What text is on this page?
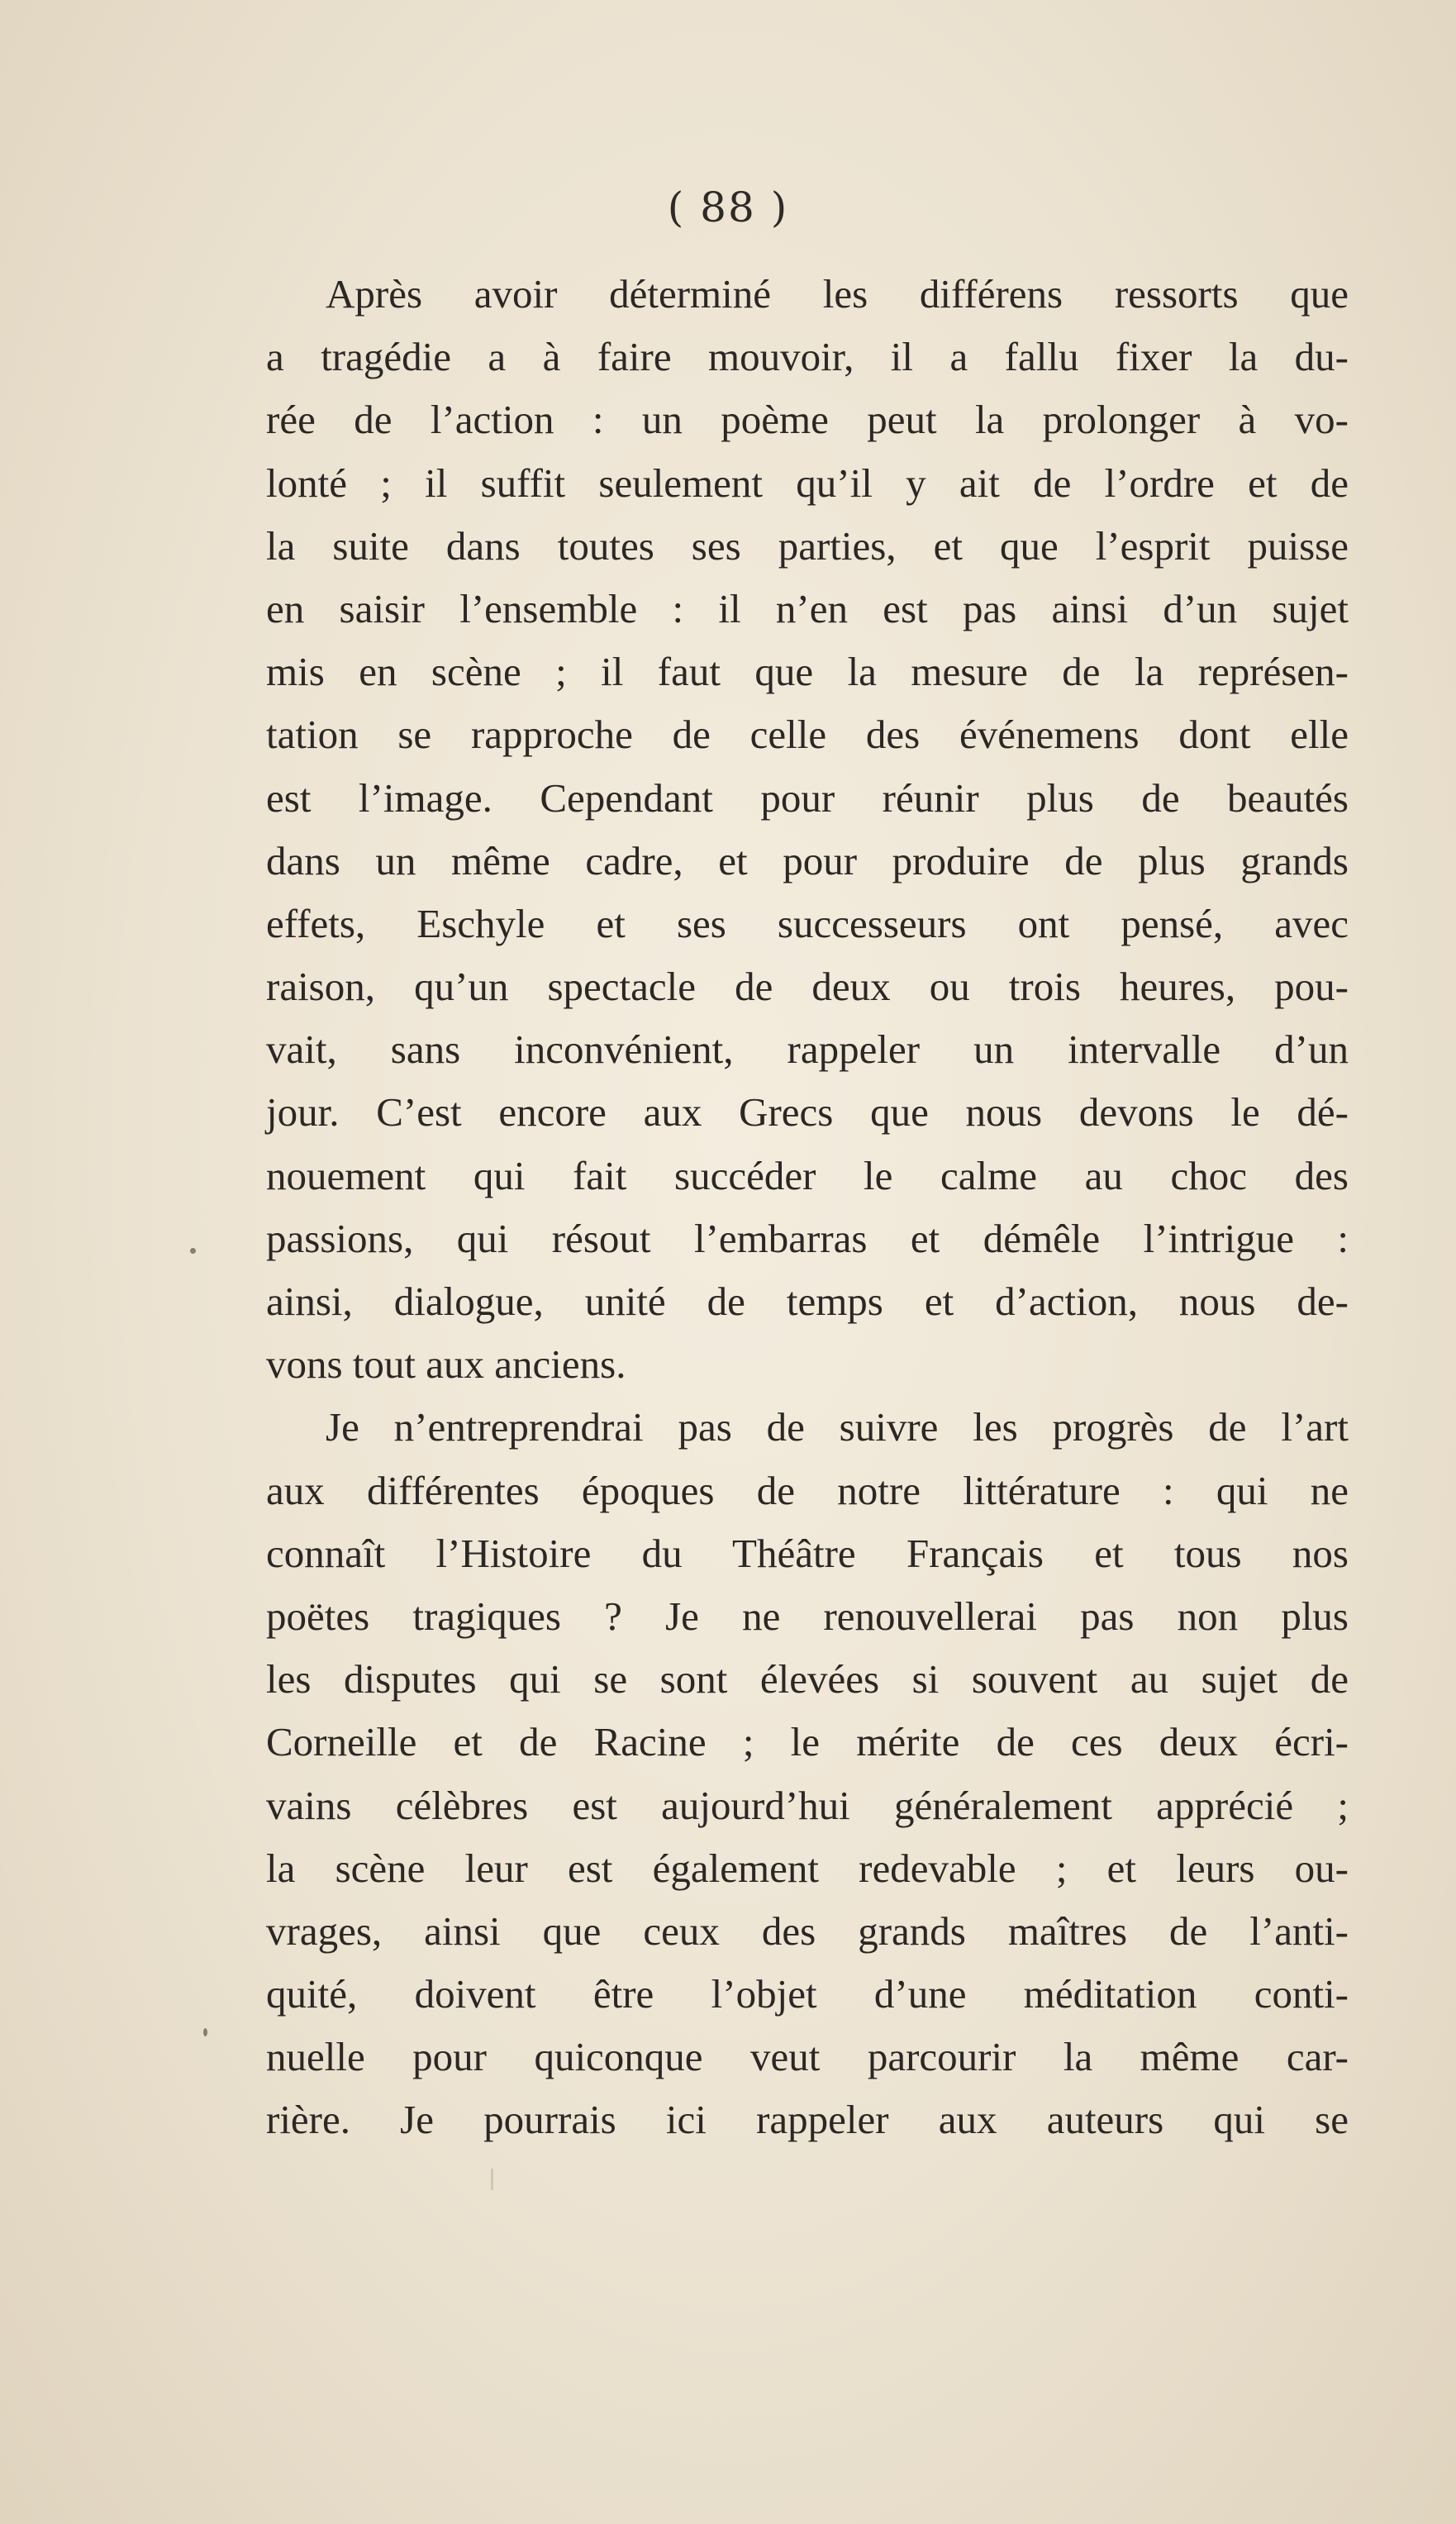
( 88 )
Après avoir déterminé les différens ressorts que
a tragédie a à faire mouvoir, il a fallu fixer la du-
rée de l’action : un poème peut la prolonger à vo-
lonté ; il suffit seulement qu’il y ait de l’ordre et de
la suite dans toutes ses parties, et que l’esprit puisse
en saisir l’ensemble : il n’en est pas ainsi d’un sujet
mis en scène ; il faut que la mesure de la représen-
tation se rapproche de celle des événemens dont elle
est l’image. Cependant pour réunir plus de beautés
dans un même cadre, et pour produire de plus grands
effets, Eschyle et ses successeurs ont pensé, avec
raison, qu’un spectacle de deux ou trois heures, pou-
vait, sans inconvénient, rappeler un intervalle d’un
jour. C’est encore aux Grecs que nous devons le dé-
nouement qui fait succéder le calme au choc des
passions, qui résout l’embarras et démêle l’intrigue :
ainsi, dialogue, unité de temps et d’action, nous de-
vons tout aux anciens.
Je n’entreprendrai pas de suivre les progrès de l’art
aux différentes époques de notre littérature : qui ne
connaît l’Histoire du Théâtre Français et tous nos
poëtes tragiques ? Je ne renouvellerai pas non plus
les disputes qui se sont élevées si souvent au sujet de
Corneille et de Racine ; le mérite de ces deux écri-
vains célèbres est aujourd’hui généralement apprécié ;
la scène leur est également redevable ; et leurs ou-
vrages, ainsi que ceux des grands maîtres de l’anti-
quité, doivent être l’objet d’une méditation conti-
nuelle pour quiconque veut parcourir la même car-
rière. Je pourrais ici rappeler aux auteurs qui se
